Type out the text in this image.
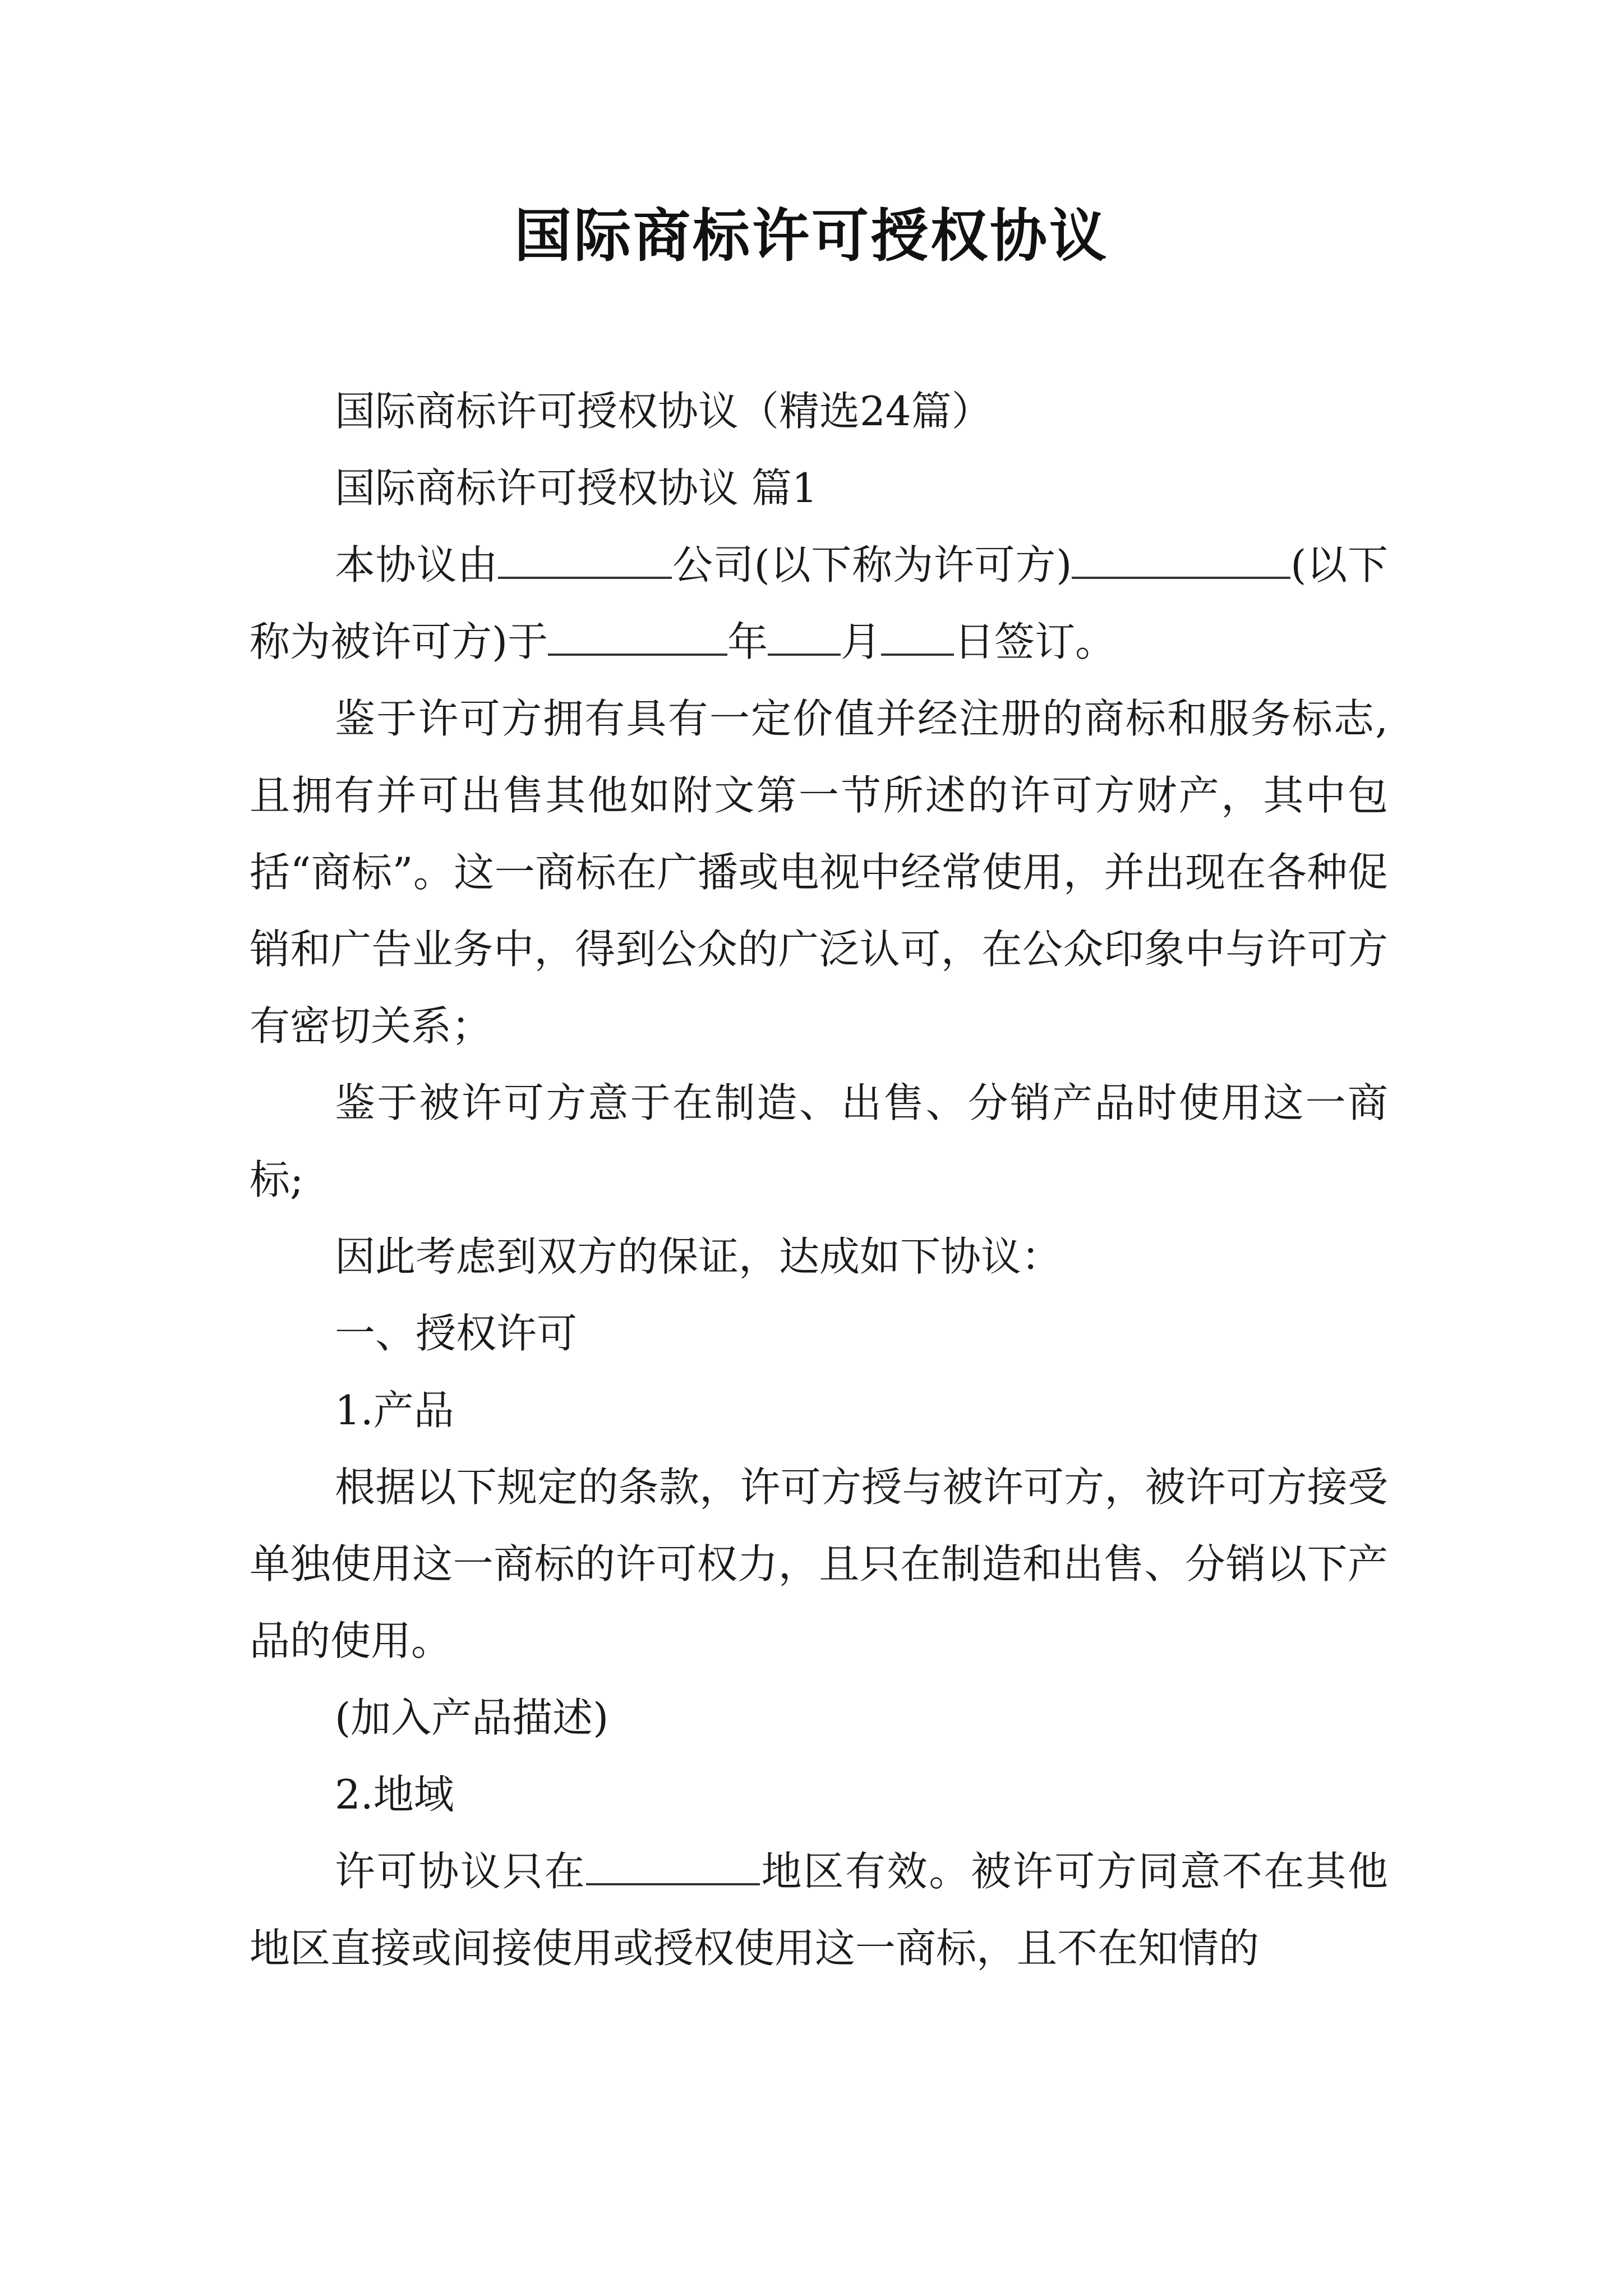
国际商标许可授权协议

国际商标许可授权协议（精选24篇）

国际商标许可授权协议 篇1

本协议由	公司(以下称为许可方)	(以下称为被许可方)于	年 月 日签订。

鉴于许可方拥有具有一定价值并经注册的商标和服务标志,且拥有并可出售其他如附文第一节所述的许可方财产，其中包括“商标”。这一商标在广播或电视中经常使用，并出现在各种促销和广告业务中，得到公众的广泛认可，在公众印象中与许可方有密切关系；

鉴于被许可方意于在制造、出售、分销产品时使用这一商标;

因此考虑到双方的保证，达成如下协议：

一、授权许可

1.产品

根据以下规定的条款，许可方授与被许可方，被许可方接受单独使用这一商标的许可权力，且只在制造和出售、分销以下产品的使用。

(加入产品描述)

2.地域

许可协议只在	地区有效。被许可方同意不在其他地区直接或间接使用或授权使用这一商标，且不在知情的
